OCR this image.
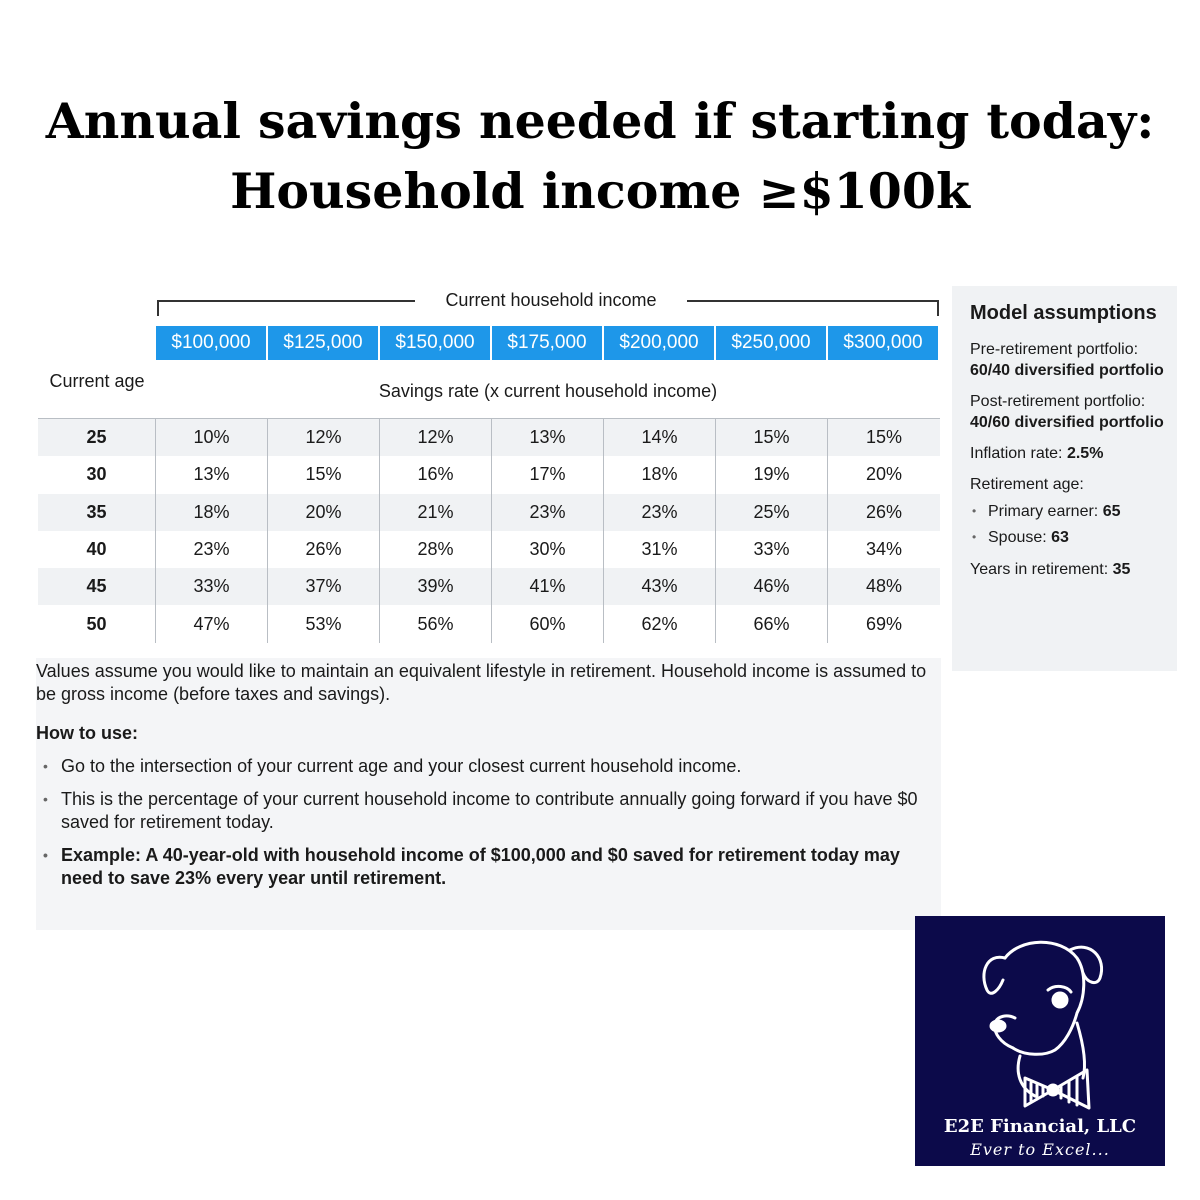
Annual savings needed if starting today:
Household income ≥$100k
Current household income
$100,000	$125,000	$150,000	$175,000	$200,000	$250,000	$300,000
Current age	Savings rate (x current household income)
25	10%	12%	12%	13%	14%	15%	15%
30	13%	15%	16%	17%	18%	19%	20%
35	18%	20%	21%	23%	23%	25%	26%
40	23%	26%	28%	30%	31%	33%	34%
45	33%	37%	39%	41%	43%	46%	48%
50	47%	53%	56%	60%	62%	66%	69%

Values assume you would like to maintain an equivalent lifestyle in retirement. Household income is assumed to be gross income (before taxes and savings).

How to use:

• Go to the intersection of your current age and your closest current household income.
• This is the percentage of your current household income to contribute annually going forward if you have $0 saved for retirement today.
• Example: A 40-year-old with household income of $100,000 and $0 saved for retirement today may need to save 23% every year until retirement.
Model assumptions
Pre-retirement portfolio: 60/40 diversified portfolio
Post-retirement portfolio: 40/60 diversified portfolio
Inflation rate: 2.5%
Retirement age:
• Primary earner: 65
• Spouse: 63
Years in retirement: 35
E2E Financial, LLC
Ever to Excel...
